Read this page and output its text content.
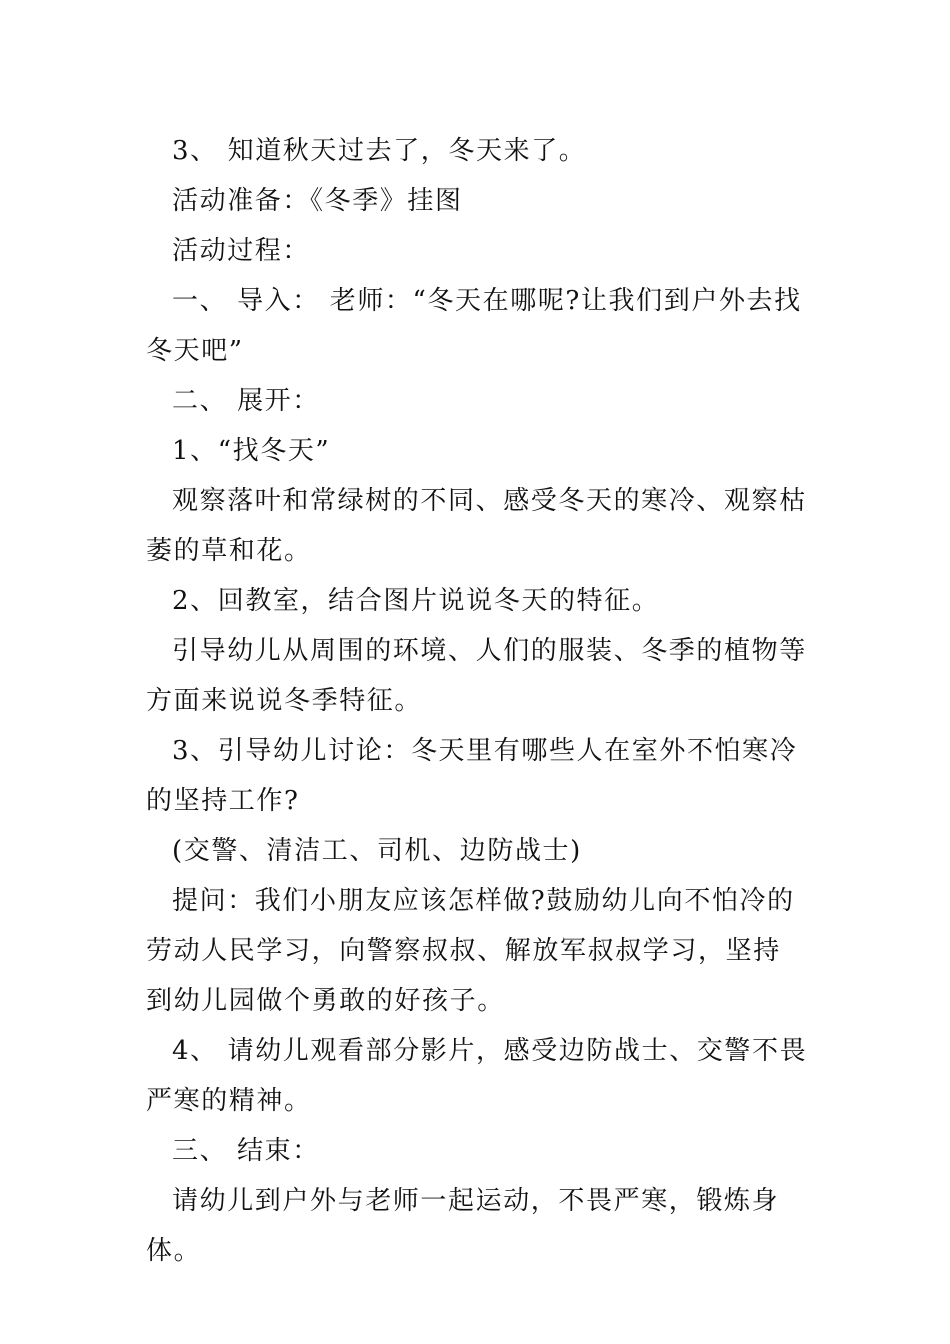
3、 知道秋天过去了，冬天来了。

活动准备：《冬季》挂图

活动过程：

一、 导入： 老师：“冬天在哪呢?让我们到户外去找冬天吧”

二、 展开：

1、“找冬天”

观察落叶和常绿树的不同、感受冬天的寒冷、观察枯萎的草和花。

2、回教室，结合图片说说冬天的特征。

引导幼儿从周围的环境、人们的服装、冬季的植物等方面来说说冬季特征。

3、引导幼儿讨论：冬天里有哪些人在室外不怕寒冷的坚持工作?

(交警、清洁工、司机、边防战士)

提问：我们小朋友应该怎样做?鼓励幼儿向不怕冷的劳动人民学习，向警察叔叔、解放军叔叔学习，坚持到幼儿园做个勇敢的好孩子。

4、 请幼儿观看部分影片，感受边防战士、交警不畏严寒的精神。

三、 结束：

请幼儿到户外与老师一起运动，不畏严寒，锻炼身体。
